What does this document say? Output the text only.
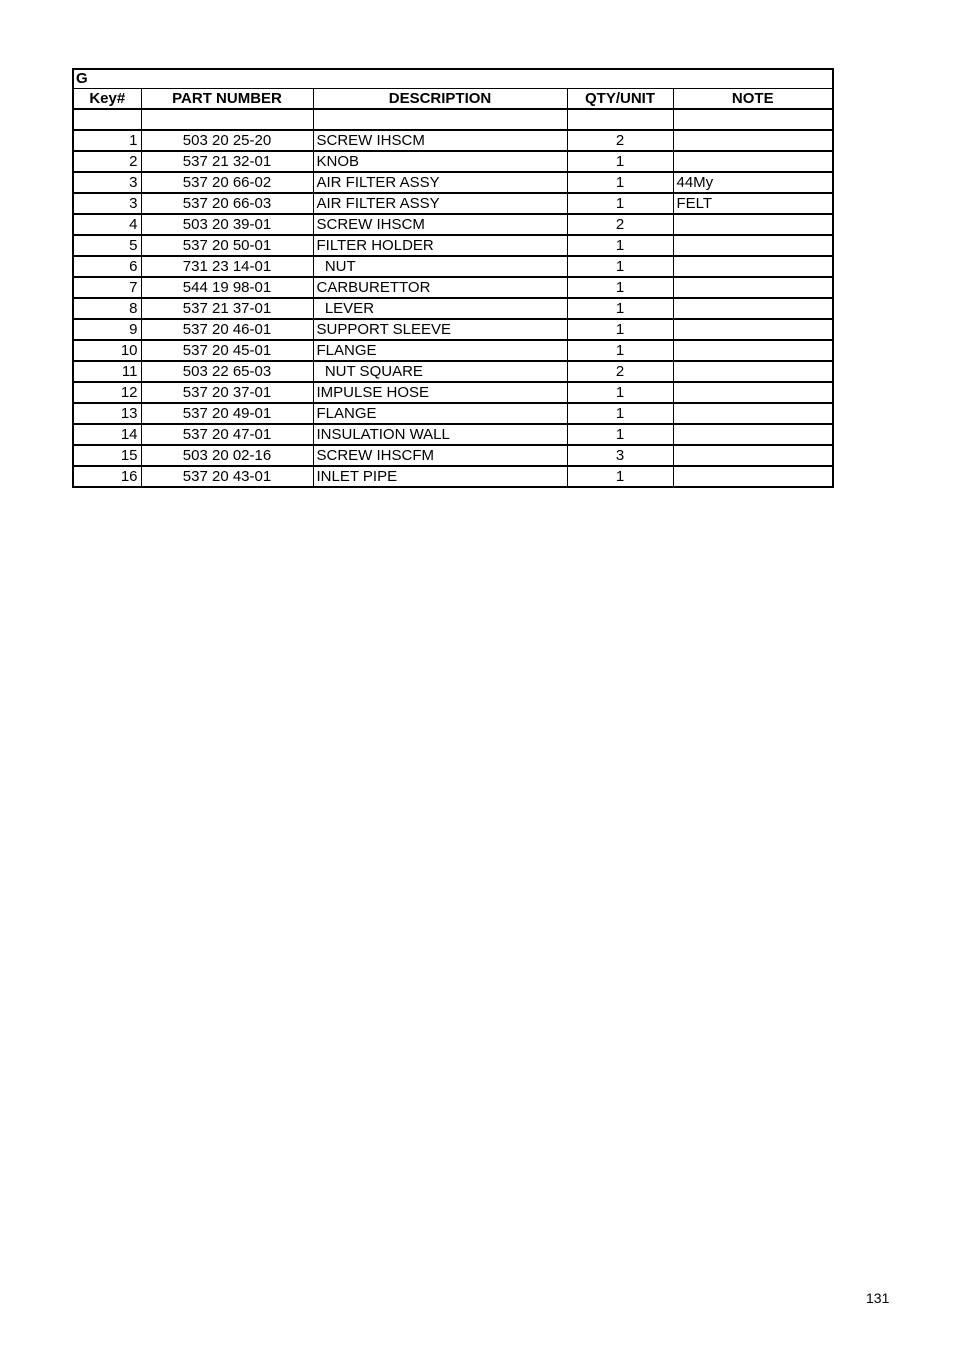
G				
Key#	PART NUMBER	DESCRIPTION	QTY/UNIT	NOTE

1	503 20 25-20	SCREW IHSCM	2	
2	537 21 32-01	KNOB	1	
3	537 20 66-02	AIR FILTER ASSY	1	44My
3	537 20 66-03	AIR FILTER ASSY	1	FELT
4	503 20 39-01	SCREW IHSCM	2	
5	537 20 50-01	FILTER HOLDER	1	
6	731 23 14-01	NUT	1	
7	544 19 98-01	CARBURETTOR	1	
8	537 21 37-01	LEVER	1	
9	537 20 46-01	SUPPORT SLEEVE	1	
10	537 20 45-01	FLANGE	1	
11	503 22 65-03	NUT SQUARE	2	
12	537 20 37-01	IMPULSE HOSE	1	
13	537 20 49-01	FLANGE	1	
14	537 20 47-01	INSULATION WALL	1	
15	503 20 02-16	SCREW IHSCFM	3	
16	537 20 43-01	INLET PIPE	1	
131
